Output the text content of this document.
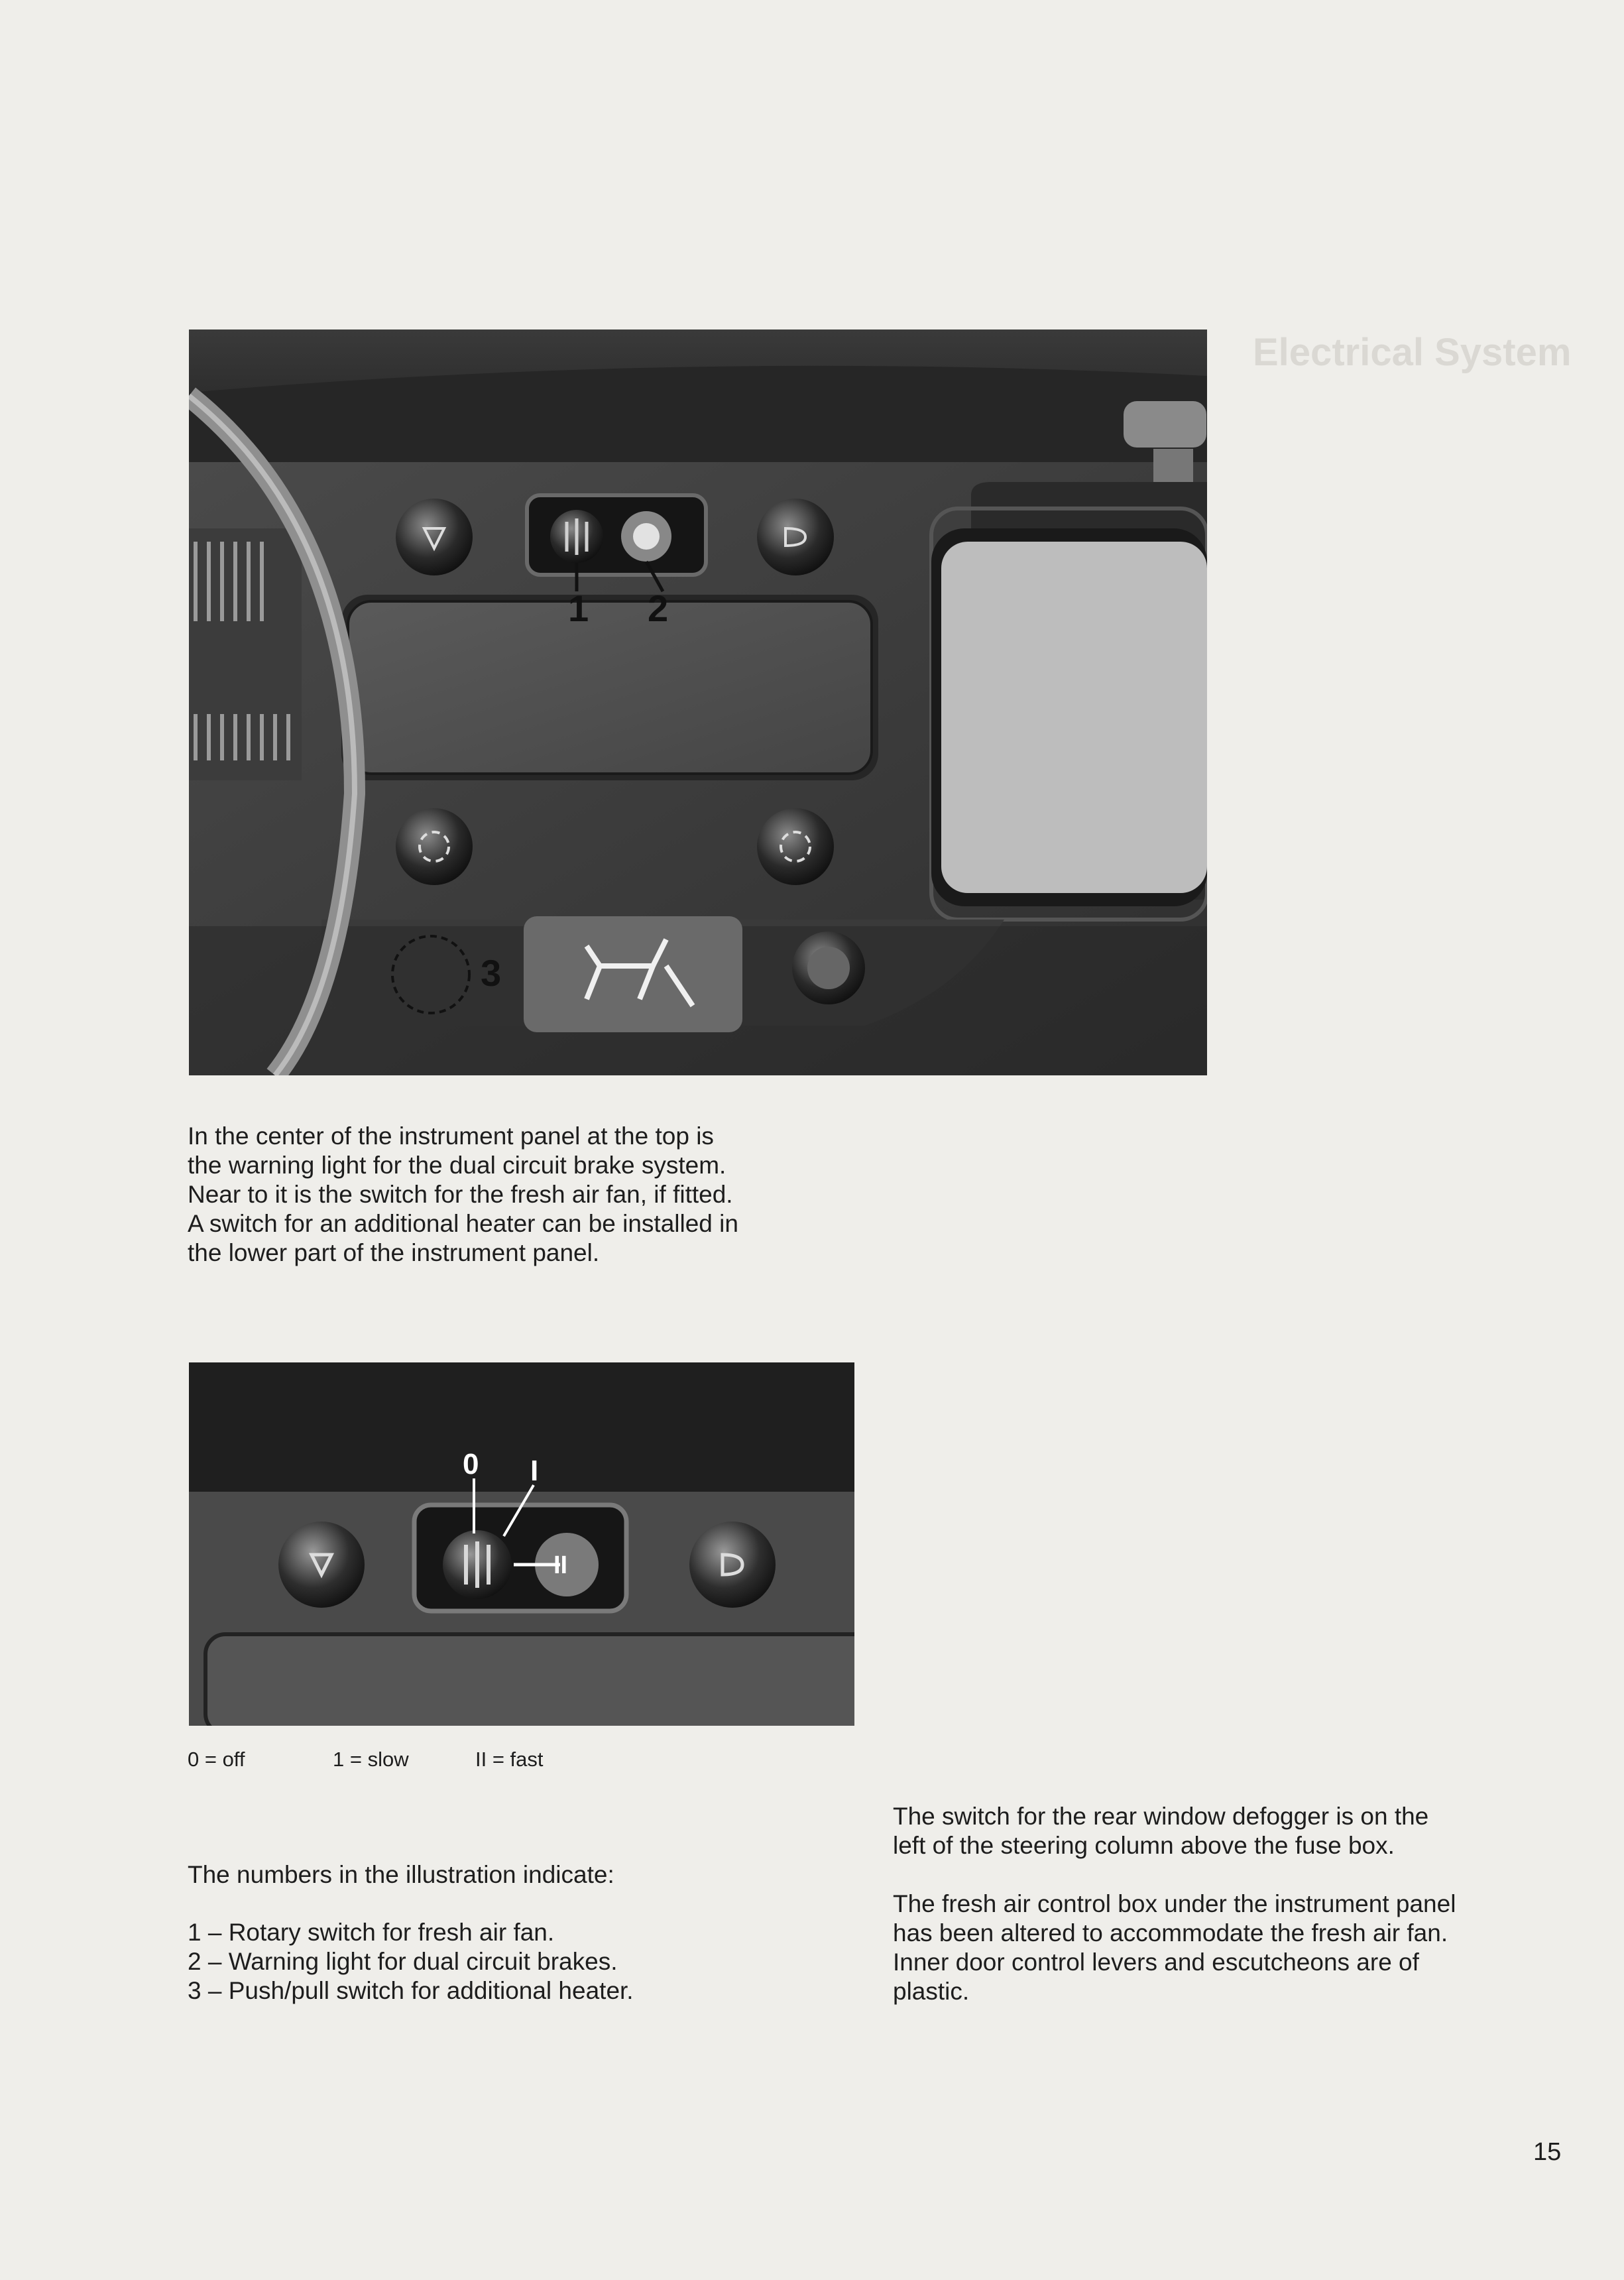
Electrical System
1 2
3
In the center of the instrument panel at the top is
the warning light for the dual circuit brake system.
Near to it is the switch for the fresh air fan, if fitted.
A switch for an additional heater can be installed in
the lower part of the instrument panel.
II
0 I
0 = off	1 = slow	II = fast
The numbers in the illustration indicate:
1 – Rotary switch for fresh air fan.
2 – Warning light for dual circuit brakes.
3 – Push/pull switch for additional heater.
The switch for the rear window defogger is on the
left of the steering column above the fuse box.
The fresh air control box under the instrument panel
has been altered to accommodate the fresh air fan.
Inner door control levers and escutcheons are of
plastic.
15
